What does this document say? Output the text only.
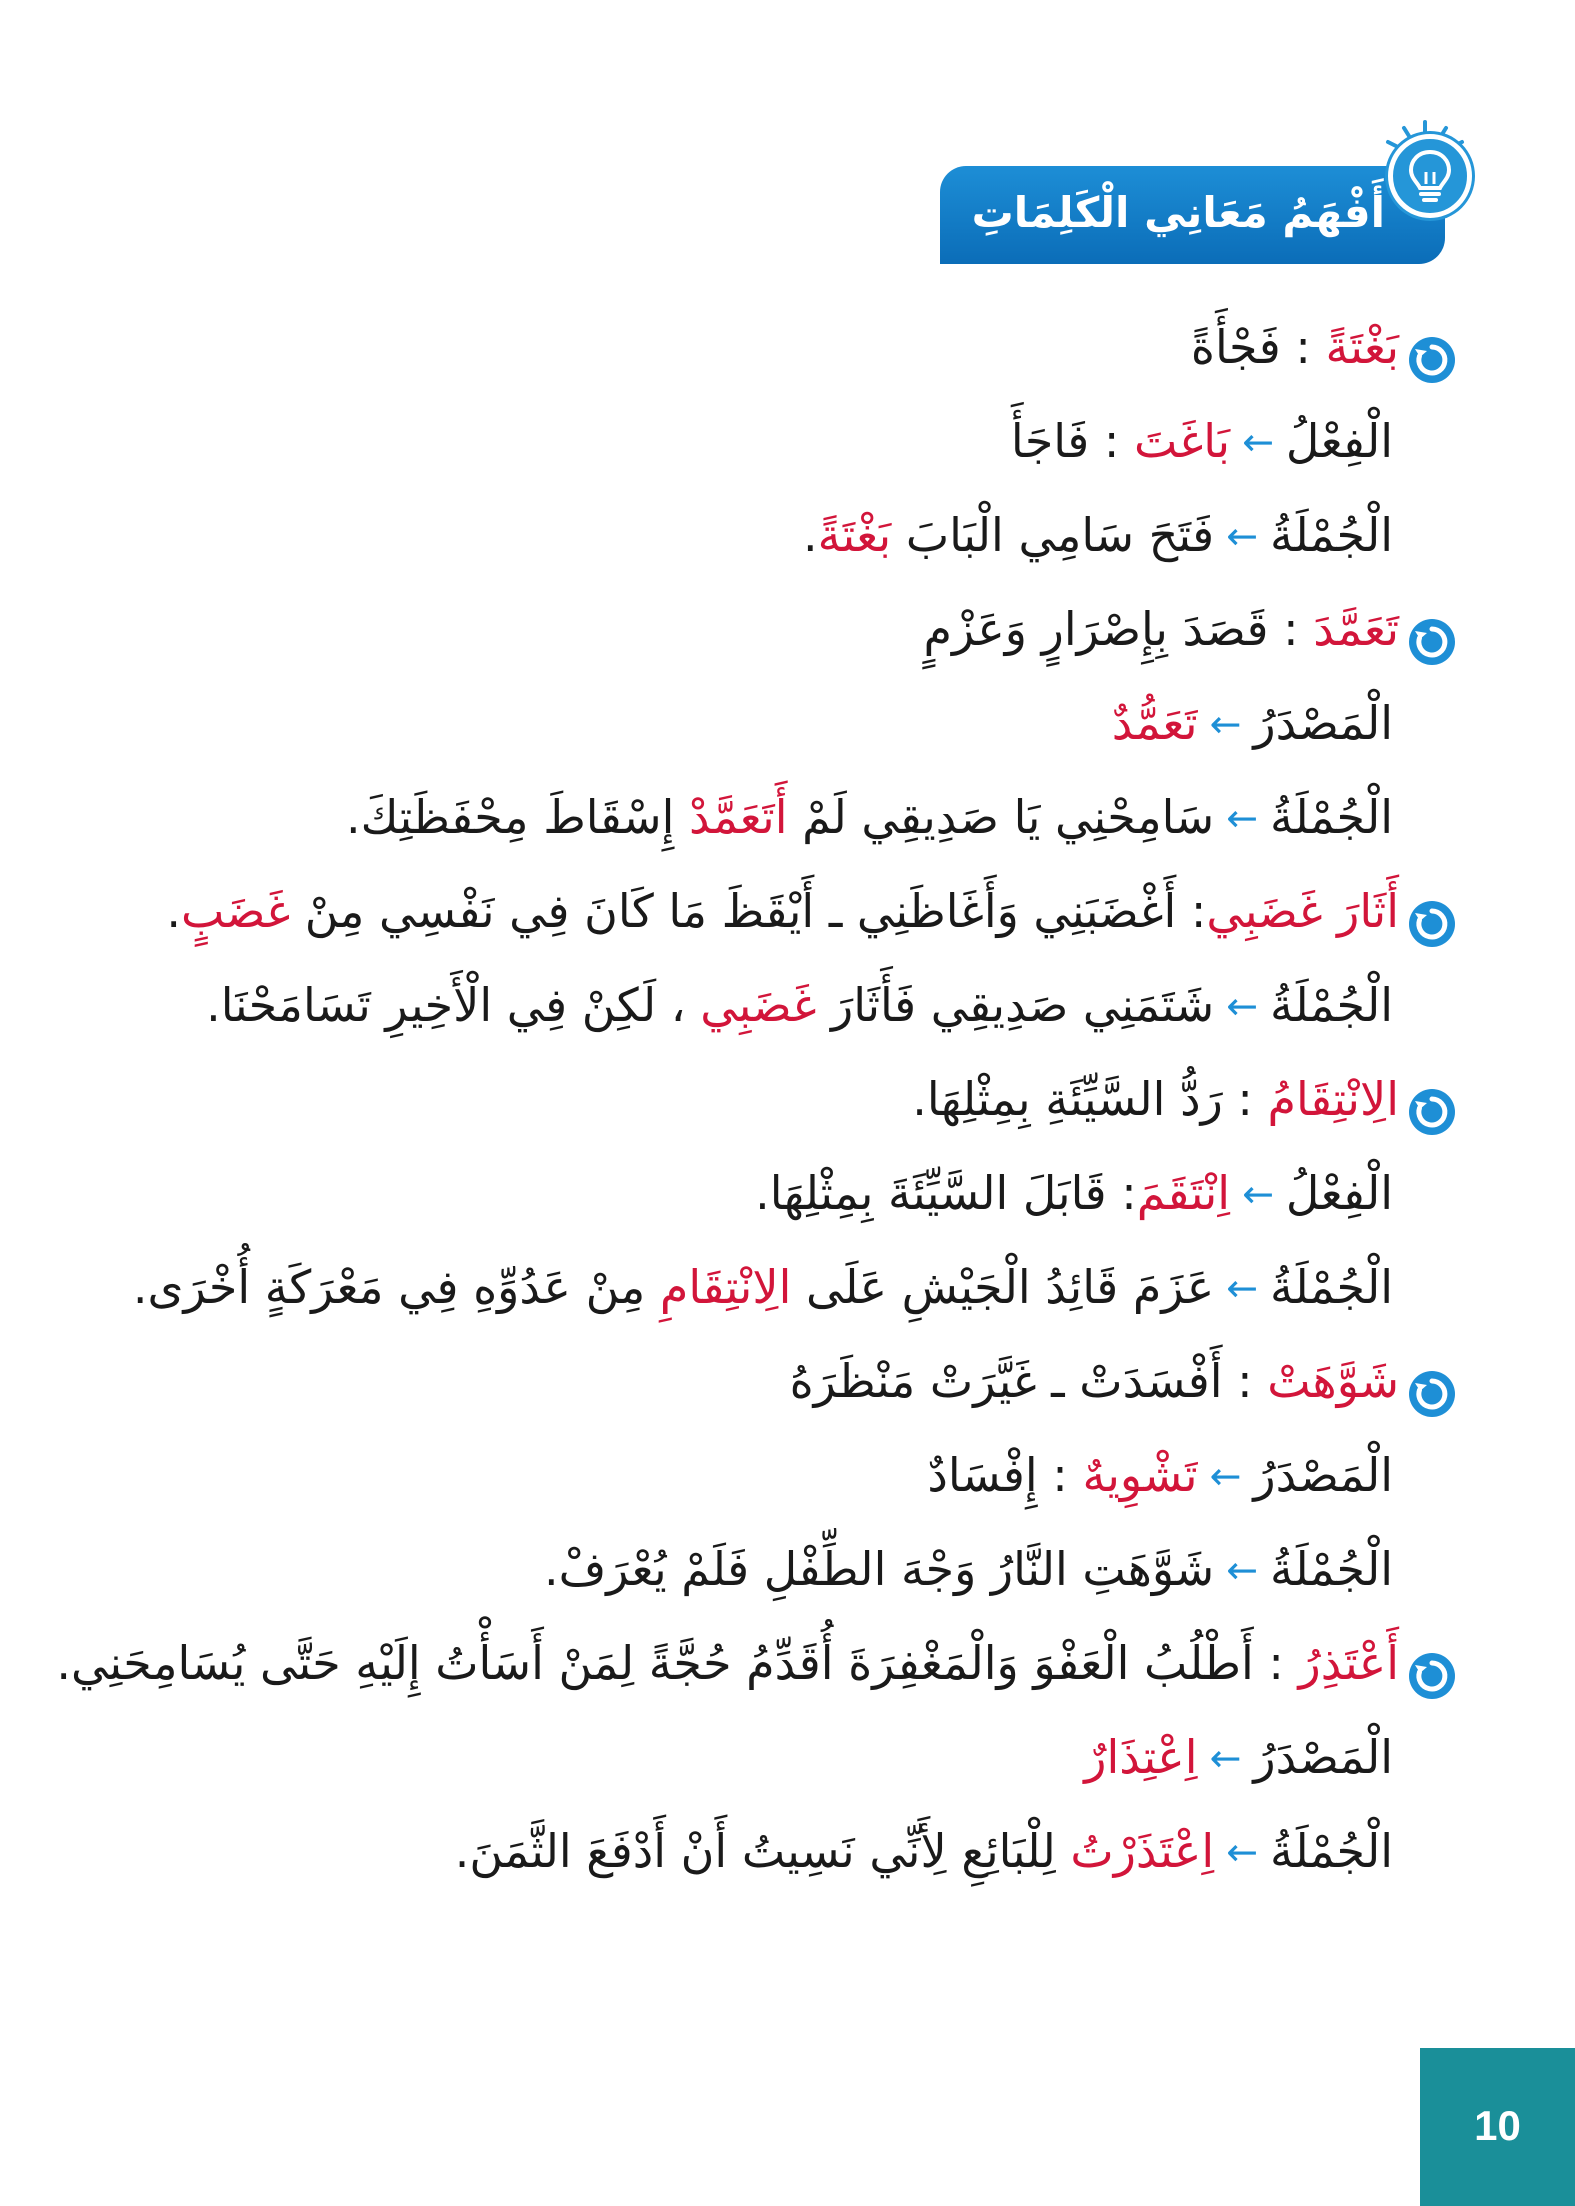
أَفْهَمُ مَعَانِي الْكَلِمَاتِ
بَغْتَةً : فَجْأَةً
الْفِعْلُ←بَاغَتَ : فَاجَأَ
الْجُمْلَةُ←فَتَحَ سَامِي الْبَابَ بَغْتَةً.
تَعَمَّدَ : قَصَدَ بِإِصْرَارٍ وَعَزْمٍ
الْمَصْدَرُ←تَعَمُّدٌ
الْجُمْلَةُ←سَامِحْنِي يَا صَدِيقِي لَمْ أَتَعَمَّدْ إِسْقَاطَ مِحْفَظَتِكَ.
أَثَارَ غَضَبِي: أَغْضَبَنِي وَأَغَاظَنِي ـ أَيْقَظَ مَا كَانَ فِي نَفْسِي مِنْ غَضَبٍ.
الْجُمْلَةُ←شَتَمَنِي صَدِيقِي فَأَثَارَ غَضَبِي ، لَكِنْ فِي الْأَخِيرِ تَسَامَحْنَا.
الِانْتِقَامُ : رَدُّ السَّيِّئَةِ بِمِثْلِهَا.
الْفِعْلُ←اِنْتَقَمَ: قَابَلَ السَّيِّئَةَ بِمِثْلِهَا.
الْجُمْلَةُ←عَزَمَ قَائِدُ الْجَيْشِ عَلَى الِانْتِقَامِ مِنْ عَدُوِّهِ فِي مَعْرَكَةٍ أُخْرَى.
شَوَّهَتْ : أَفْسَدَتْ ـ غَيَّرَتْ مَنْظَرَهُ
الْمَصْدَرُ←تَشْوِيهٌ : إِفْسَادٌ
الْجُمْلَةُ←شَوَّهَتِ النَّارُ وَجْهَ الطِّفْلِ فَلَمْ يُعْرَفْ.
أَعْتَذِرُ : أَطْلُبُ الْعَفْوَ وَالْمَغْفِرَةَ أُقَدِّمُ حُجَّةً لِمَنْ أَسَأْتُ إِلَيْهِ حَتَّى يُسَامِحَنِي.
الْمَصْدَرُ←اِعْتِذَارٌ
الْجُمْلَةُ←اِعْتَذَرْتُ لِلْبَائِعِ لِأَنِّي نَسِيتُ أَنْ أَدْفَعَ الثَّمَنَ.
10
